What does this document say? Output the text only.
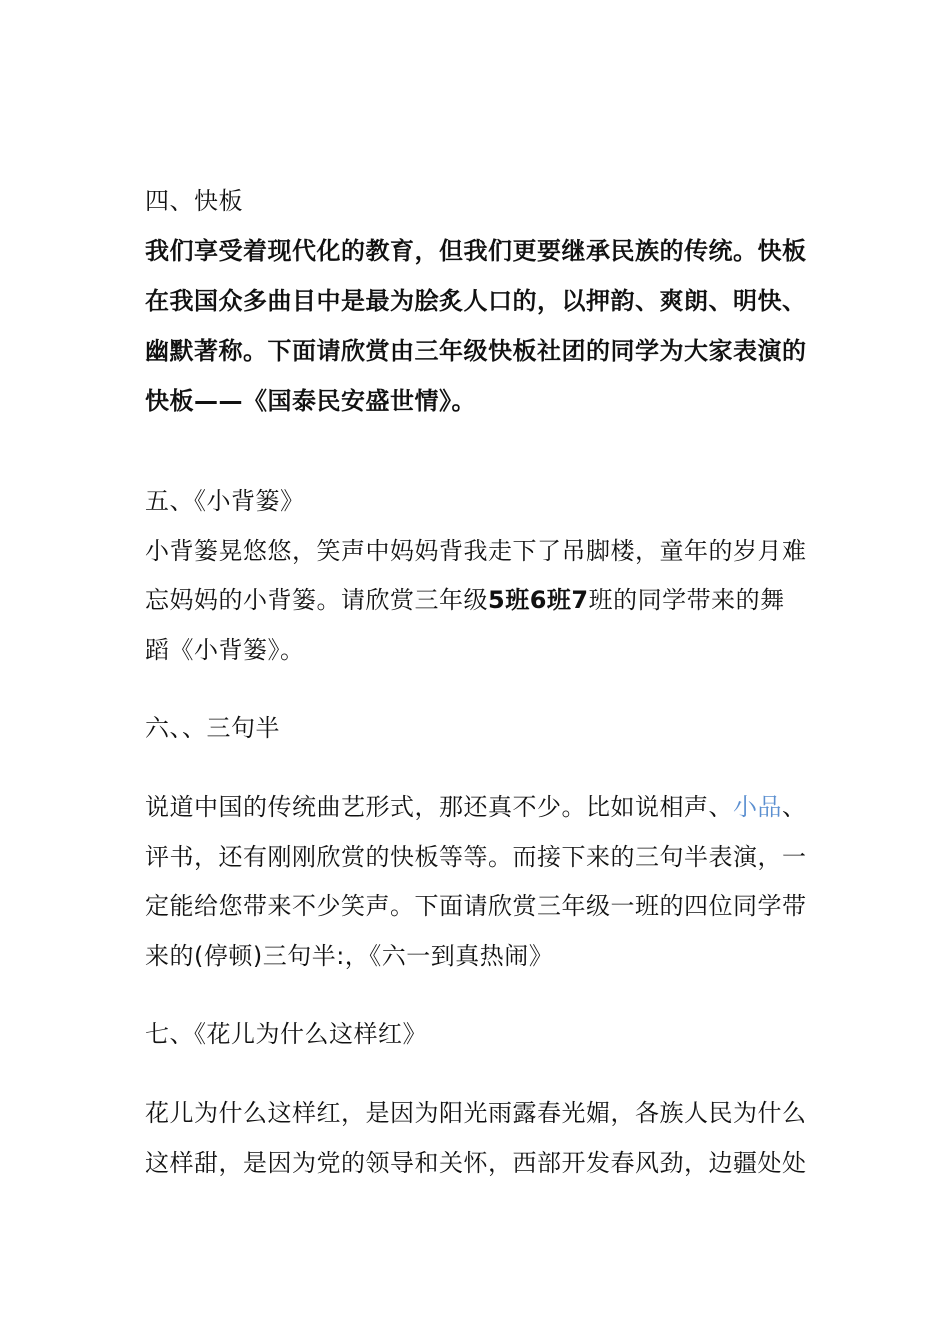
四、快板
我们享受着现代化的教育，但我们更要继承民族的传统。快板
在我国众多曲目中是最为脍炙人口的，以押韵、爽朗、明快、
幽默著称。下面请欣赏由三年级快板社团的同学为大家表演的
快板——《国泰民安盛世情》。
五、《小背篓》
小背篓晃悠悠，笑声中妈妈背我走下了吊脚楼，童年的岁月难
忘妈妈的小背篓。请欣赏三年级5班6班7班的同学带来的舞
蹈《小背篓》。
六、、三句半
说道中国的传统曲艺形式，那还真不少。比如说相声、小品、
评书，还有刚刚欣赏的快板等等。而接下来的三句半表演，一
定能给您带来不少笑声。下面请欣赏三年级一班的四位同学带
来的(停顿)三句半:，《六一到真热闹》
七、《花儿为什么这样红》
花儿为什么这样红，是因为阳光雨露春光媚，各族人民为什么
这样甜，是因为党的领导和关怀，西部开发春风劲，边疆处处
